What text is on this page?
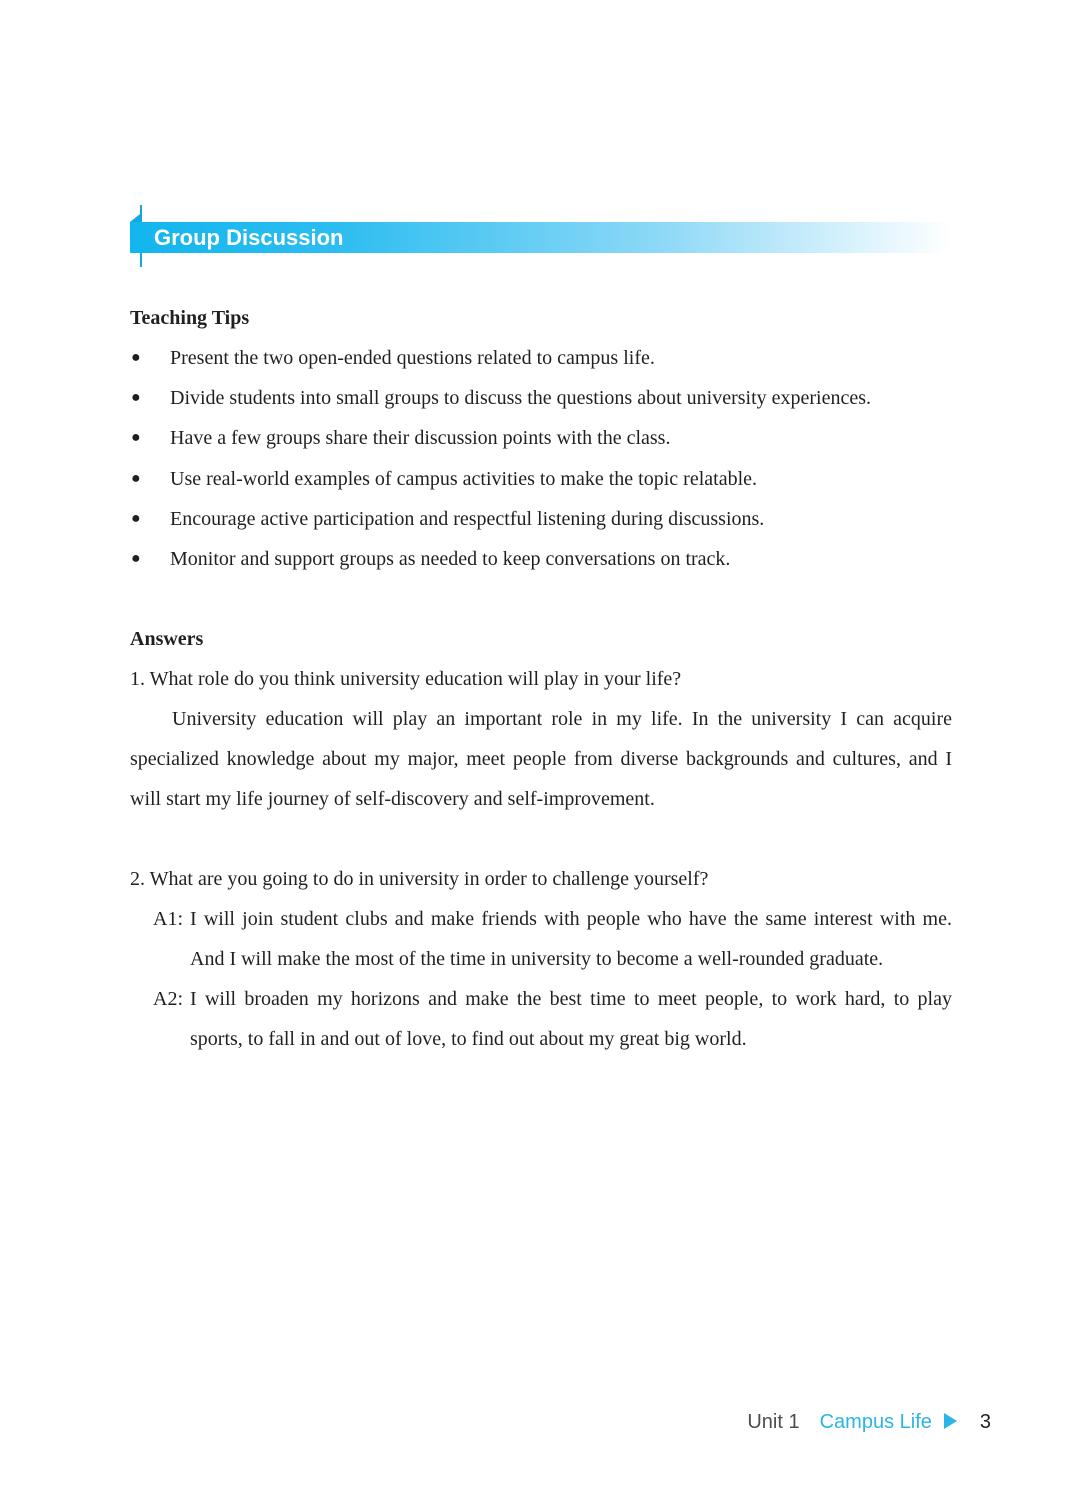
Group Discussion
Teaching Tips
● Present the two open-ended questions related to campus life.
● Divide students into small groups to discuss the questions about university experiences.
● Have a few groups share their discussion points with the class.
● Use real-world examples of campus activities to make the topic relatable.
● Encourage active participation and respectful listening during discussions.
● Monitor and support groups as needed to keep conversations on track.
Answers

1. What role do you think university education will play in your life?

University education will play an important role in my life. In the university I can acquire specialized knowledge about my major, meet people from diverse backgrounds and cultures, and I will start my life journey of self-discovery and self-improvement.

2. What are you going to do in university in order to challenge yourself?

A1: I will join student clubs and make friends with people who have the same interest with me. And I will make the most of the time in university to become a well-rounded graduate.
A2: I will broaden my horizons and make the best time to meet people, to work hard, to play sports, to fall in and out of love, to find out about my great big world.
Unit 1 Campus Life 3
